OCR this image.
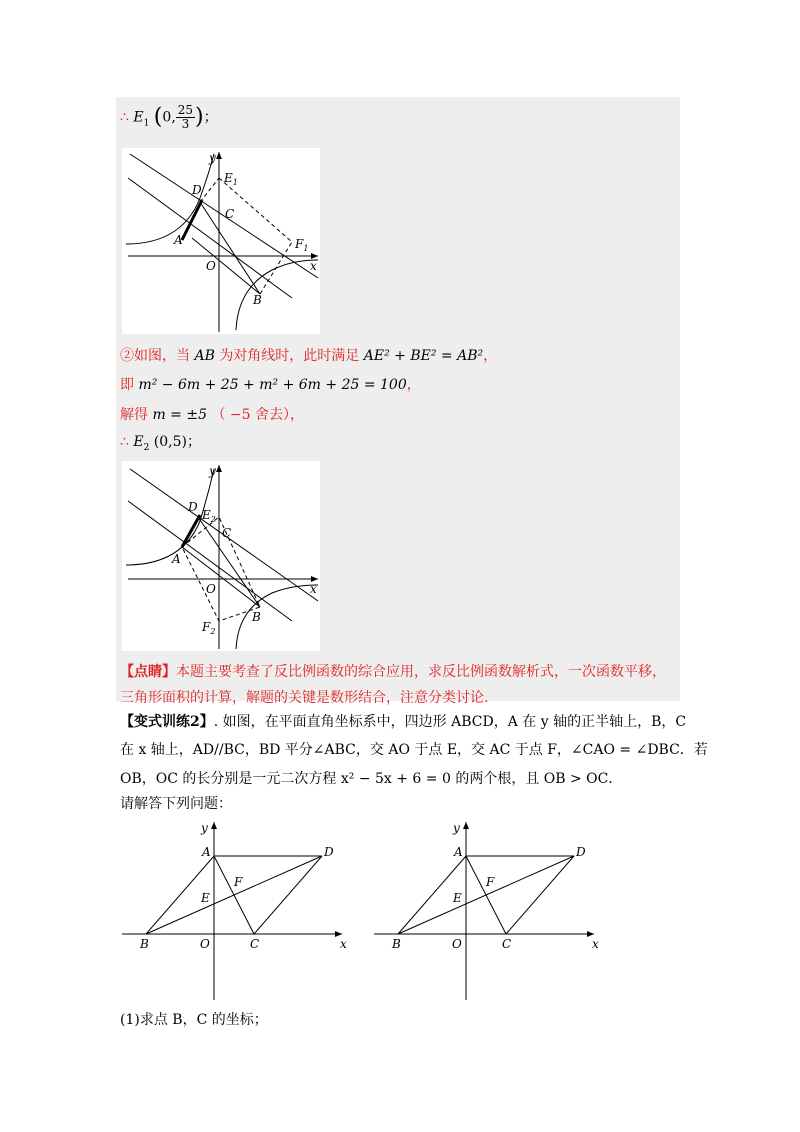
∴ $E_1$ (0, $\frac{25}{3}$ )；
y
x
O
A
B
C
D
$E_1$
$F_1$
②如图，当 AB 为对角线时，此时满足 AE² + BE² = AB²，
即 m² − 6m + 25 + m² + 6m + 25 = 100，
解得 m = ±5 （ −5 舍去），
∴ $E_2$ (0,5)；
y
x
O
A
B
C
D
$E_2$
$F_2$
【点睛】本题主要考查了反比例函数的综合应用，求反比例函数解析式，一次函数平移，
三角形面积的计算，解题的关键是数形结合，注意分类讨论.
【变式训练2】. 如图，在平面直角坐标系中，四边形 ABCD，A 在 y 轴的正半轴上，B，C
在 x 轴上，AD//BC，BD 平分∠ABC，交 AO 于点 E，交 AC 于点 F，∠CAO = ∠DBC．若
OB，OC 的长分别是一元二次方程 x² − 5x + 6 = 0 的两个根，且 OB > OC．
请解答下列问题：
y
x
O
A
B	C
D
E
F
y
x
O
A
B	C
D
E
F
(1)求点 B，C 的坐标；
